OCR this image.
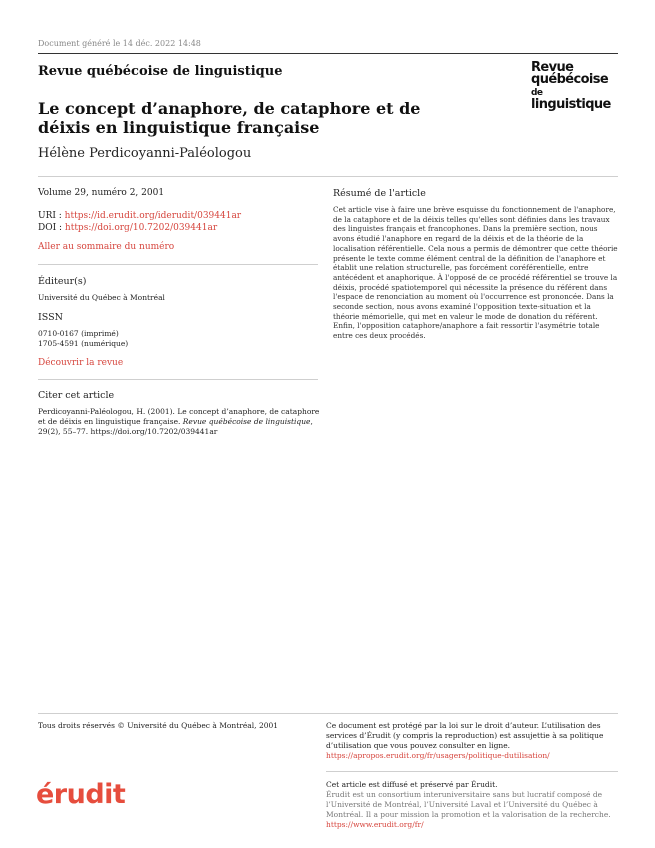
Document généré le 14 déc. 2022 14:48
Revue québécoise de linguistique	Revue
québécoise de
linguistique
Le concept d’anaphore, de cataphore et de déixis en linguistique française
Hélène Perdicoyanni-Paléologou
Volume 29, numéro 2, 2001
URI : https://id.erudit.org/iderudit/039441ar
DOI : https://doi.org/10.7202/039441ar
Aller au sommaire du numéro
Éditeur(s)
Université du Québec à Montréal
ISSN
0710-0167 (imprimé)
1705-4591 (numérique)
Découvrir la revue
Citer cet article
Perdicoyanni-Paléologou, H. (2001). Le concept d’anaphore, de cataphore et de déixis en linguistique française. Revue québécoise de linguistique, 29(2), 55–77. https://doi.org/10.7202/039441ar
Résumé de l'article
Cet article vise à faire une brève esquisse du fonctionnement de l'anaphore, de la cataphore et de la déixis telles qu'elles sont définies dans les travaux des linguistes français et francophones. Dans la première section, nous avons étudié l'anaphore en regard de la déixis et de la théorie de la localisation référentielle. Cela nous a permis de démontrer que cette théorie présente le texte comme élément central de la définition de l'anaphore et établit une relation structurelle, pas forcément coréférentielle, entre antécédent et anaphorique. À l'opposé de ce procédé référentiel se trouve la déixis, procédé spatiotemporel qui nécessite la présence du référent dans l'espace de renonciation au moment où l'occurrence est prononcée. Dans la seconde section, nous avons examiné l'opposition texte-situation et la théorie mémorielle, qui met en valeur le mode de donation du référent. Enfin, l'opposition cataphore/anaphore a fait ressortir l'asymétrie totale entre ces deux procédés.
Tous droits réservés © Université du Québec à Montréal, 2001	Ce document est protégé par la loi sur le droit d’auteur. L’utilisation des services d’Érudit (y compris la reproduction) est assujettie à sa politique d’utilisation que vous pouvez consulter en ligne.
https://apropos.erudit.org/fr/usagers/politique-dutilisation/
Cet article est diffusé et préservé par Érudit.
Érudit est un consortium interuniversitaire sans but lucratif composé de l’Université de Montréal, l’Université Laval et l’Université du Québec à Montréal. Il a pour mission la promotion et la valorisation de la recherche.
https://www.erudit.org/fr/
érudit
